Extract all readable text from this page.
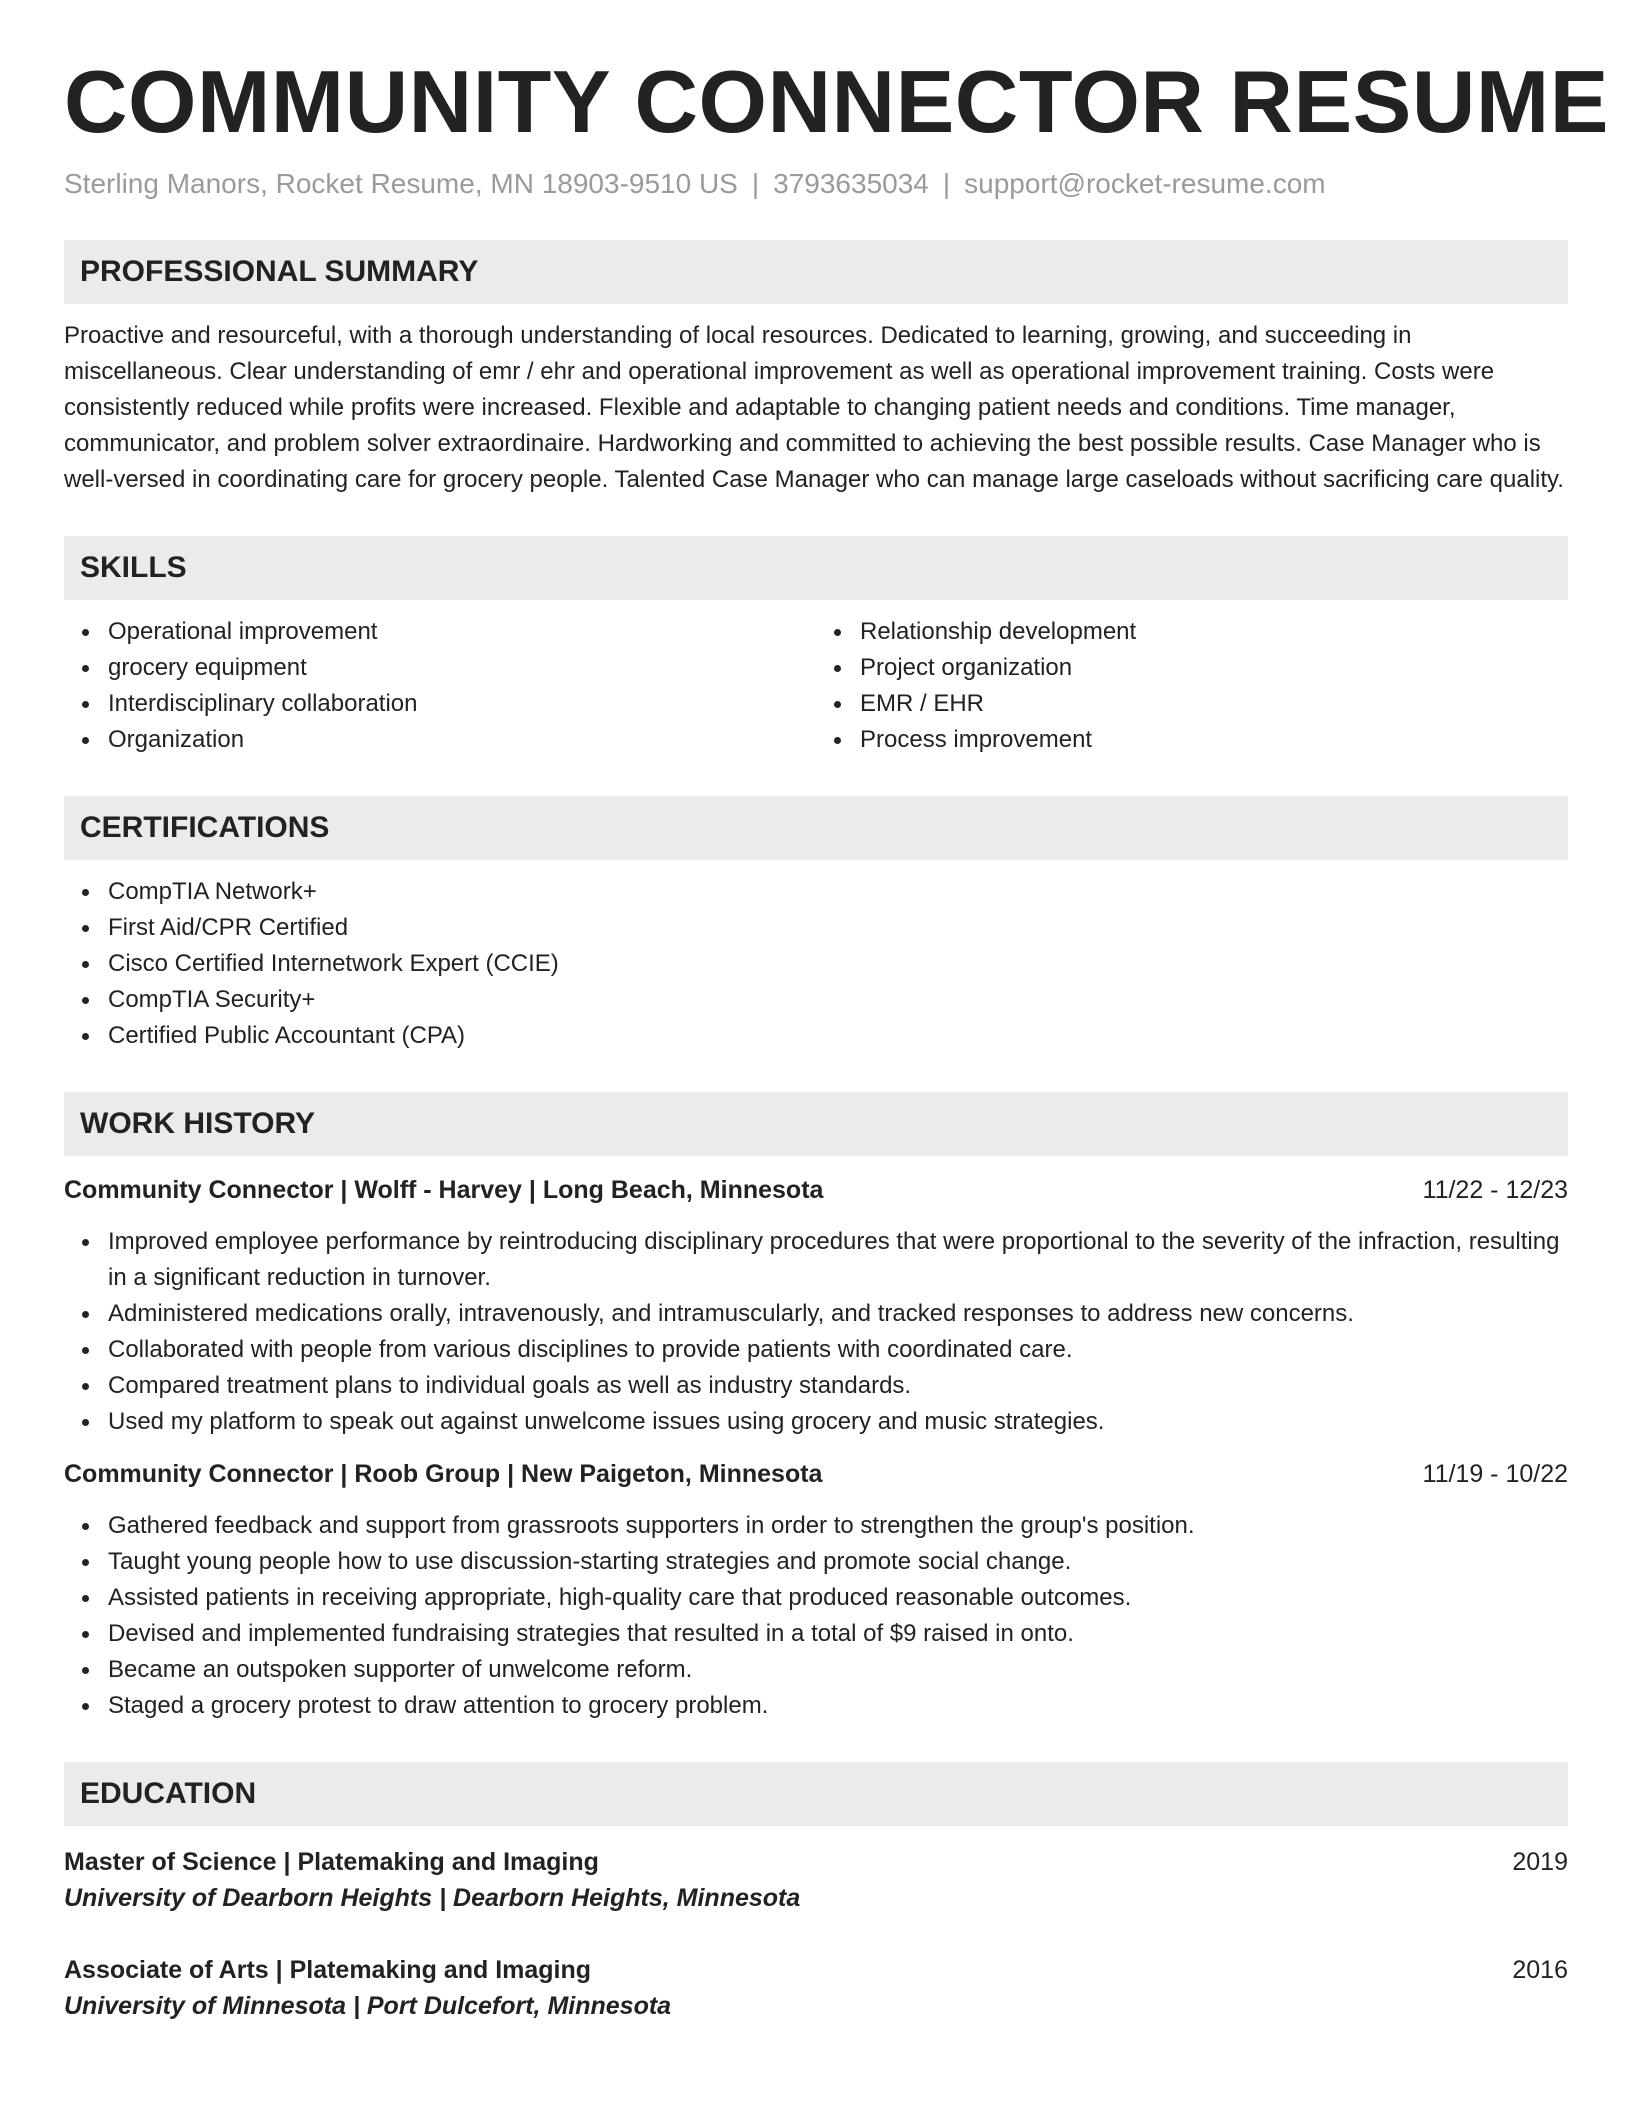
COMMUNITY CONNECTOR RESUME
Sterling Manors, Rocket Resume, MN 18903-9510 US | 3793635034 | support@rocket-resume.com
PROFESSIONAL SUMMARY
Proactive and resourceful, with a thorough understanding of local resources. Dedicated to learning, growing, and succeeding in miscellaneous. Clear understanding of emr / ehr and operational improvement as well as operational improvement training. Costs were consistently reduced while profits were increased. Flexible and adaptable to changing patient needs and conditions. Time manager, communicator, and problem solver extraordinaire. Hardworking and committed to achieving the best possible results. Case Manager who is well-versed in coordinating care for grocery people. Talented Case Manager who can manage large caseloads without sacrificing care quality.
SKILLS
Operational improvement
grocery equipment
Interdisciplinary collaboration
Organization
Relationship development
Project organization
EMR / EHR
Process improvement
CERTIFICATIONS
CompTIA Network+
First Aid/CPR Certified
Cisco Certified Internetwork Expert (CCIE)
CompTIA Security+
Certified Public Accountant (CPA)
WORK HISTORY
Community Connector | Wolff - Harvey | Long Beach, Minnesota	11/22 - 12/23
Improved employee performance by reintroducing disciplinary procedures that were proportional to the severity of the infraction, resulting in a significant reduction in turnover.
Administered medications orally, intravenously, and intramuscularly, and tracked responses to address new concerns.
Collaborated with people from various disciplines to provide patients with coordinated care.
Compared treatment plans to individual goals as well as industry standards.
Used my platform to speak out against unwelcome issues using grocery and music strategies.
Community Connector | Roob Group | New Paigeton, Minnesota	11/19 - 10/22
Gathered feedback and support from grassroots supporters in order to strengthen the group's position.
Taught young people how to use discussion-starting strategies and promote social change.
Assisted patients in receiving appropriate, high-quality care that produced reasonable outcomes.
Devised and implemented fundraising strategies that resulted in a total of $9 raised in onto.
Became an outspoken supporter of unwelcome reform.
Staged a grocery protest to draw attention to grocery problem.
EDUCATION
Master of Science | Platemaking and Imaging	2019
University of Dearborn Heights | Dearborn Heights, Minnesota
Associate of Arts | Platemaking and Imaging	2016
University of Minnesota | Port Dulcefort, Minnesota
